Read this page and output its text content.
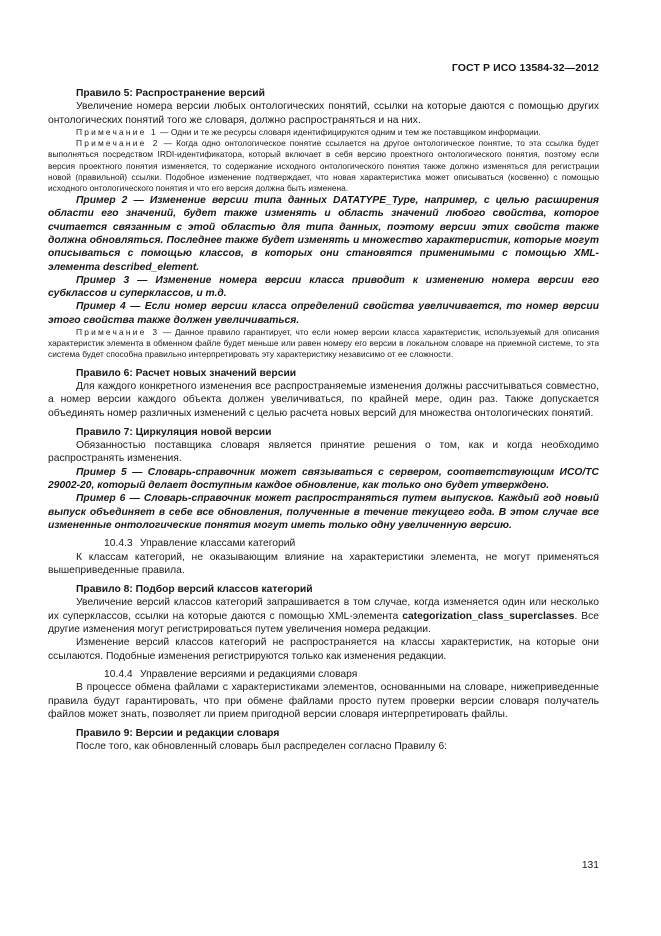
ГОСТ Р ИСО 13584-32—2012

Правило 5: Распространение версий

Увеличение номера версии любых онтологических понятий, ссылки на которые даются с помощью других онтологических понятий того же словаря, должно распространяться и на них.

Примечание 1 — Одни и те же ресурсы словаря идентифицируются одним и тем же поставщиком информации.

Примечание 2 — Когда одно онтологическое понятие ссылается на другое онтологическое понятие, то эта ссылка будет выполняться посредством IRDI-идентификатора, который включает в себя версию проектного онтологического понятия, поэтому если версия проектного понятия изменяется, то содержание исходного онтологического понятия также должно изменяться для регистрации новой (правильной) ссылки. Подобное изменение подтверждает, что новая характеристика может описываться (косвенно) с помощью исходного онтологического понятия и что его версия должна быть изменена.

Пример 2 — Изменение версии типа данных DATATYPE_Type, например, с целью расширения области его значений, будет также изменять и область значений любого свойства, которое считается связанным с этой областью для типа данных, поэтому версии этих свойств также должна обновляться. Последнее также будет изменять и множество характеристик, которые могут описываться с помощью классов, в которых они становятся применимыми с помощью XML-элемента described_element.

Пример 3 — Изменение номера версии класса приводит к изменению номера версии его субклассов и суперклассов, и т.д.

Пример 4 — Если номер версии класса определений свойства увеличивается, то номер версии этого свойства также должен увеличиваться.

Примечание 3 — Данное правило гарантирует, что если номер версии класса характеристик, используемый для описания характеристик элемента в обменном файле будет меньше или равен номеру его версии в локальном словаре на приемной системе, то эта система будет способна правильно интерпретировать эту характеристику независимо от ее сложности.

Правило 6: Расчет новых значений версии

Для каждого конкретного изменения все распространяемые изменения должны рассчитываться совместно, а номер версии каждого объекта должен увеличиваться, по крайней мере, один раз. Также допускается объединять номер различных изменений с целью расчета новых версий для множества онтологических понятий.

Правило 7: Циркуляция новой версии

Обязанностью поставщика словаря является принятие решения о том, как и когда необходимо распространять изменения.

Пример 5 — Словарь-справочник может связываться с сервером, соответствующим ИСО/ТС 29002-20, который делает доступным каждое обновление, как только оно будет утверждено.

Пример 6 — Словарь-справочник может распространяться путем выпусков. Каждый год новый выпуск объединяет в себе все обновления, полученные в течение текущего года. В этом случае все измененные онтологические понятия могут иметь только одну увеличенную версию.

10.4.3 Управление классами категорий

К классам категорий, не оказывающим влияние на характеристики элемента, не могут применяться вышеприведенные правила.

Правило 8: Подбор версий классов категорий

Увеличение версий классов категорий запрашивается в том случае, когда изменяется один или несколько их суперклассов, ссылки на которые даются с помощью XML-элемента categorization_class_superclasses. Все другие изменения могут регистрироваться путем увеличения номера редакции.

Изменение версий классов категорий не распространяется на классы характеристик, на которые они ссылаются. Подобные изменения регистрируются только как изменения редакции.

10.4.4 Управление версиями и редакциями словаря

В процессе обмена файлами с характеристиками элементов, основанными на словаре, нижеприведенные правила будут гарантировать, что при обмене файлами просто путем проверки версии словаря получатель файлов может знать, позволяет ли прием пригодной версии словаря интерпретировать файлы.

Правило 9: Версии и редакции словаря

После того, как обновленный словарь был распределен согласно Правилу 6:

131
